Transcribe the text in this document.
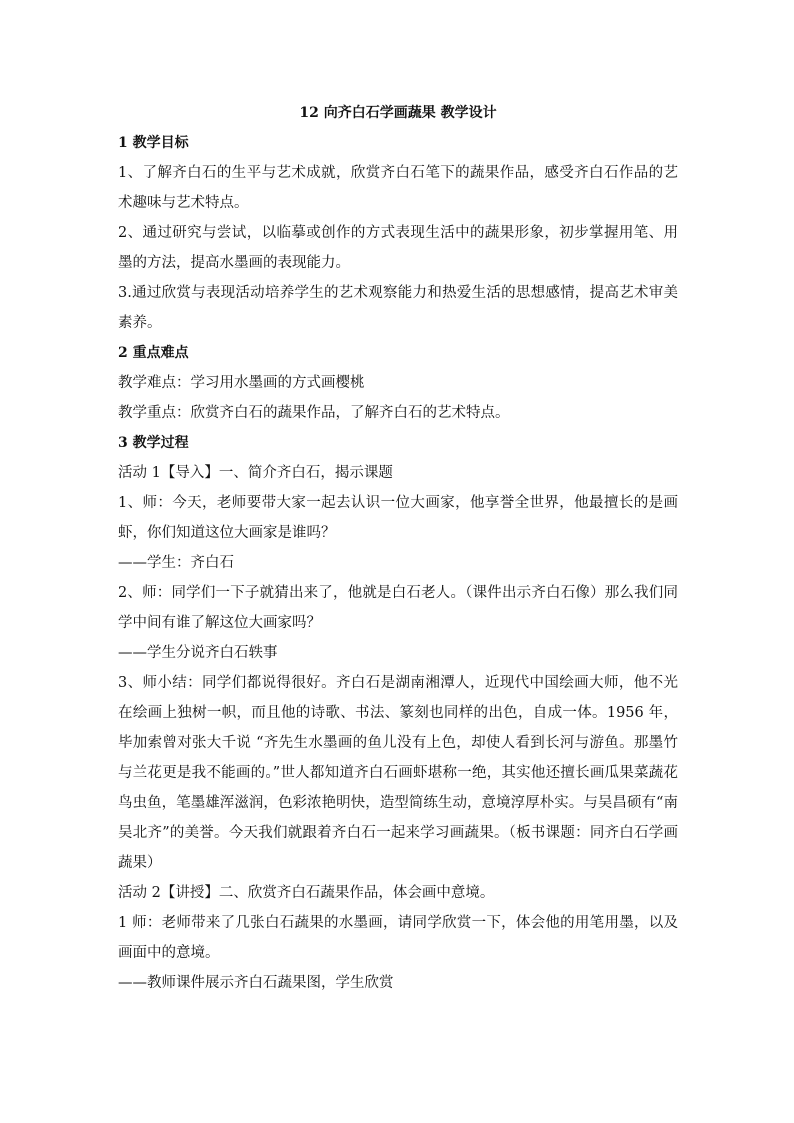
12 向齐白石学画蔬果 教学设计

1 教学目标

1、了解齐白石的生平与艺术成就，欣赏齐白石笔下的蔬果作品，感受齐白石作品的艺术趣味与艺术特点。

2、通过研究与尝试，以临摹或创作的方式表现生活中的蔬果形象，初步掌握用笔、用墨的方法，提高水墨画的表现能力。

3.通过欣赏与表现活动培养学生的艺术观察能力和热爱生活的思想感情，提高艺术审美素养。

2 重点难点

教学难点：学习用水墨画的方式画樱桃

教学重点：欣赏齐白石的蔬果作品，了解齐白石的艺术特点。

3 教学过程

活动 1【导入】一、简介齐白石，揭示课题

1、师：今天，老师要带大家一起去认识一位大画家，他享誉全世界，他最擅长的是画虾，你们知道这位大画家是谁吗？

——学生：齐白石

2、师：同学们一下子就猜出来了，他就是白石老人。（课件出示齐白石像）那么我们同学中间有谁了解这位大画家吗？

——学生分说齐白石轶事

3、师小结：同学们都说得很好。齐白石是湖南湘潭人，近现代中国绘画大师，他不光在绘画上独树一帜，而且他的诗歌、书法、篆刻也同样的出色，自成一体。1956 年，毕加索曾对张大千说 “齐先生水墨画的鱼儿没有上色，却使人看到长河与游鱼。那墨竹与兰花更是我不能画的。”世人都知道齐白石画虾堪称一绝，其实他还擅长画瓜果菜蔬花鸟虫鱼，笔墨雄浑滋润，色彩浓艳明快，造型简练生动，意境淳厚朴实。与吴昌硕有“南吴北齐”的美誉。今天我们就跟着齐白石一起来学习画蔬果。（板书课题：同齐白石学画蔬果）

活动 2【讲授】二、欣赏齐白石蔬果作品，体会画中意境。

1 师：老师带来了几张白石蔬果的水墨画，请同学欣赏一下，体会他的用笔用墨，以及画面中的意境。

——教师课件展示齐白石蔬果图，学生欣赏
